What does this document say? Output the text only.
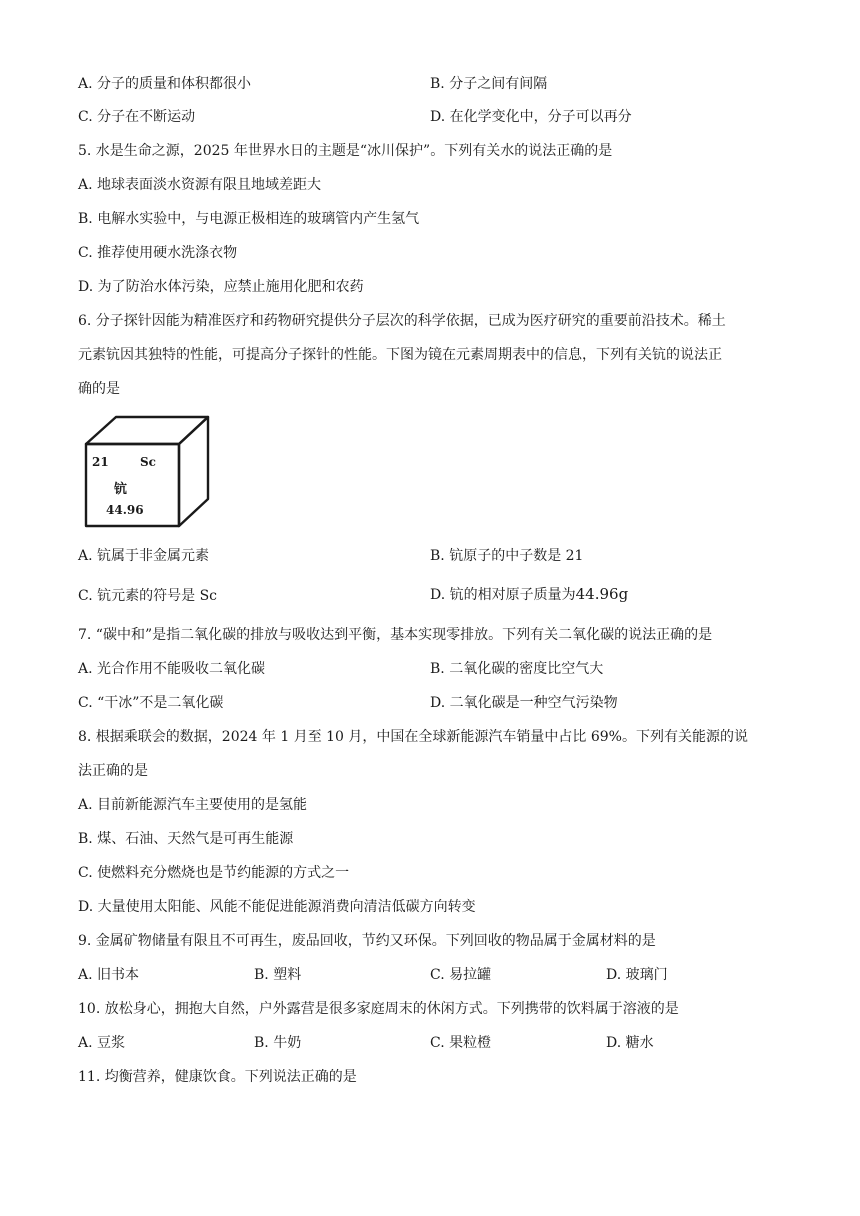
A. 分子的质量和体积都很小	B. 分子之间有间隔
C. 分子在不断运动	D. 在化学变化中，分子可以再分
5. 水是生命之源，2025 年世界水日的主题是“冰川保护”。下列有关水的说法正确的是
A. 地球表面淡水资源有限且地域差距大
B. 电解水实验中，与电源正极相连的玻璃管内产生氢气
C. 推荐使用硬水洗涤衣物
D. 为了防治水体污染，应禁止施用化肥和农药
6. 分子探针因能为精准医疗和药物研究提供分子层次的科学依据，已成为医疗研究的重要前沿技术。稀土
元素钪因其独特的性能，可提高分子探针的性能。下图为镜在元素周期表中的信息，下列有关钪的说法正
确的是
21	Sc
钪
44.96
A. 钪属于非金属元素	B. 钪原子的中子数是 21
C. 钪元素的符号是 Sc	D. 钪的相对原子质量为44.96g
7. “碳中和”是指二氧化碳的排放与吸收达到平衡，基本实现零排放。下列有关二氧化碳的说法正确的是
A. 光合作用不能吸收二氧化碳	B. 二氧化碳的密度比空气大
C. “干冰”不是二氧化碳	D. 二氧化碳是一种空气污染物
8. 根据乘联会的数据，2024 年 1 月至 10 月，中国在全球新能源汽车销量中占比 69%。下列有关能源的说
法正确的是
A. 目前新能源汽车主要使用的是氢能
B. 煤、石油、天然气是可再生能源
C. 使燃料充分燃烧也是节约能源的方式之一
D. 大量使用太阳能、风能不能促进能源消费向清洁低碳方向转变
9. 金属矿物储量有限且不可再生，废品回收，节约又环保。下列回收的物品属于金属材料的是
A. 旧书本	B. 塑料	C. 易拉罐	D. 玻璃门
10. 放松身心，拥抱大自然，户外露营是很多家庭周末的休闲方式。下列携带的饮料属于溶液的是
A. 豆浆	B. 牛奶	C. 果粒橙	D. 糖水
11. 均衡营养，健康饮食。下列说法正确的是
